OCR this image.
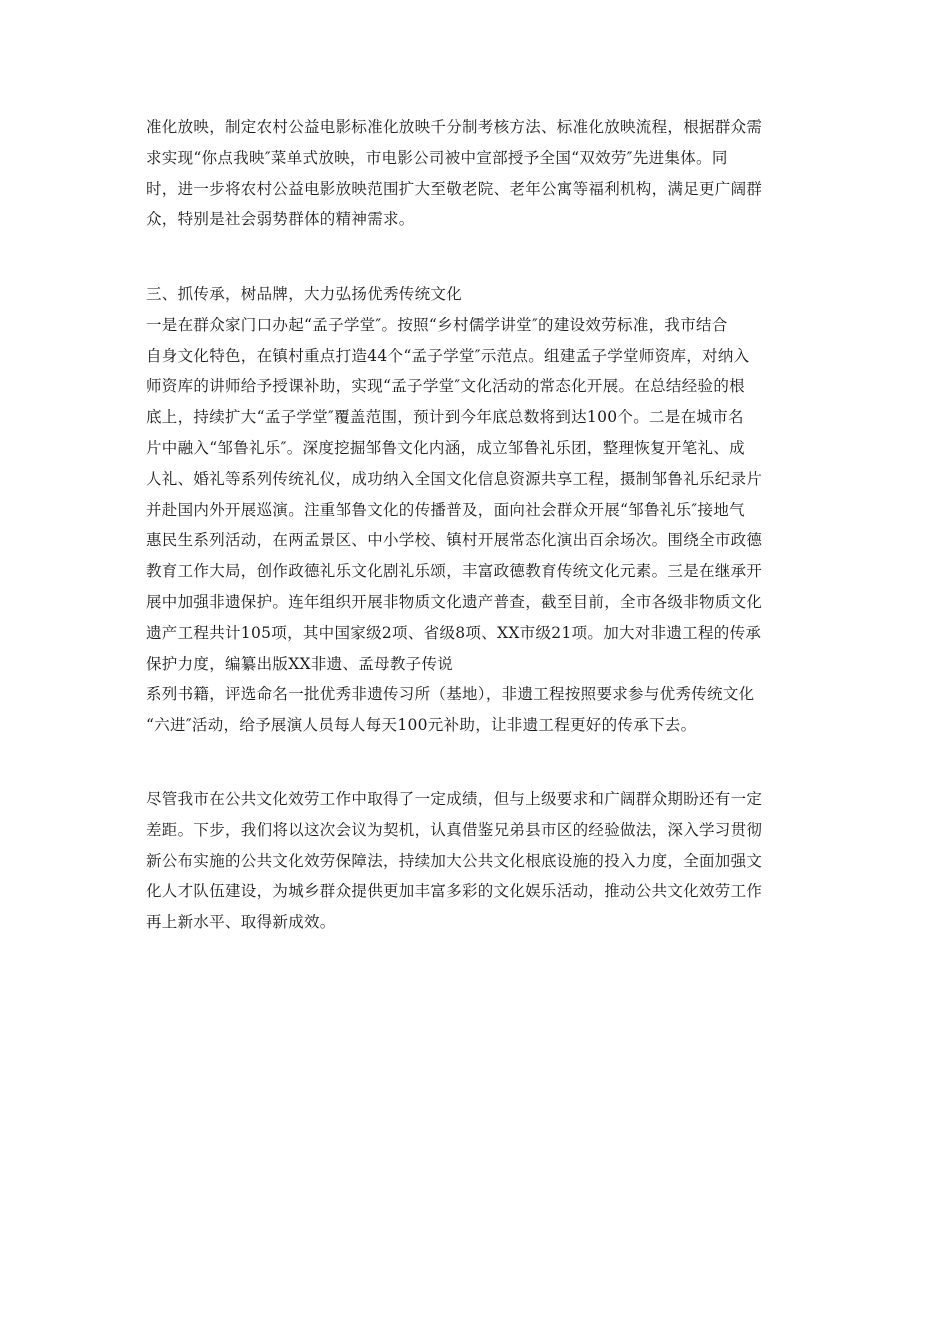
准化放映，制定农村公益电影标准化放映千分制考核方法、标准化放映流程，根据群众需

求实现“你点我映″菜单式放映，市电影公司被中宣部授予全国“双效劳″先进集体。同

时，进一步将农村公益电影放映范围扩大至敬老院、老年公寓等福利机构，满足更广阔群

众，特别是社会弱势群体的精神需求。

三、抓传承，树品牌，大力弘扬优秀传统文化

一是在群众家门口办起“孟子学堂″。按照“乡村儒学讲堂″的建设效劳标准，我市结合

自身文化特色，在镇村重点打造44个“孟子学堂″示范点。组建孟子学堂师资库，对纳入

师资库的讲师给予授课补助，实现“孟子学堂″文化活动的常态化开展。在总结经验的根

底上，持续扩大“孟子学堂″覆盖范围，预计到今年底总数将到达100个。二是在城市名

片中融入“邹鲁礼乐″。深度挖掘邹鲁文化内涵，成立邹鲁礼乐团，整理恢复开笔礼、成

人礼、婚礼等系列传统礼仪，成功纳入全国文化信息资源共享工程，摄制邹鲁礼乐纪录片

并赴国内外开展巡演。注重邹鲁文化的传播普及，面向社会群众开展“邹鲁礼乐″接地气

惠民生系列活动，在两孟景区、中小学校、镇村开展常态化演出百余场次。围绕全市政德

教育工作大局，创作政德礼乐文化剧礼乐颂，丰富政德教育传统文化元素。三是在继承开

展中加强非遗保护。连年组织开展非物质文化遗产普查，截至目前，全市各级非物质文化

遗产工程共计105项，其中国家级2项、省级8项、XX市级21项。加大对非遗工程的传承

保护力度，编纂出版XX非遗、孟母教子传说

系列书籍，评选命名一批优秀非遗传习所（基地），非遗工程按照要求参与优秀传统文化

“六进″活动，给予展演人员每人每天100元补助，让非遗工程更好的传承下去。

尽管我市在公共文化效劳工作中取得了一定成绩，但与上级要求和广阔群众期盼还有一定

差距。下步，我们将以这次会议为契机，认真借鉴兄弟县市区的经验做法，深入学习贯彻

新公布实施的公共文化效劳保障法，持续加大公共文化根底设施的投入力度，全面加强文

化人才队伍建设，为城乡群众提供更加丰富多彩的文化娱乐活动，推动公共文化效劳工作

再上新水平、取得新成效。
